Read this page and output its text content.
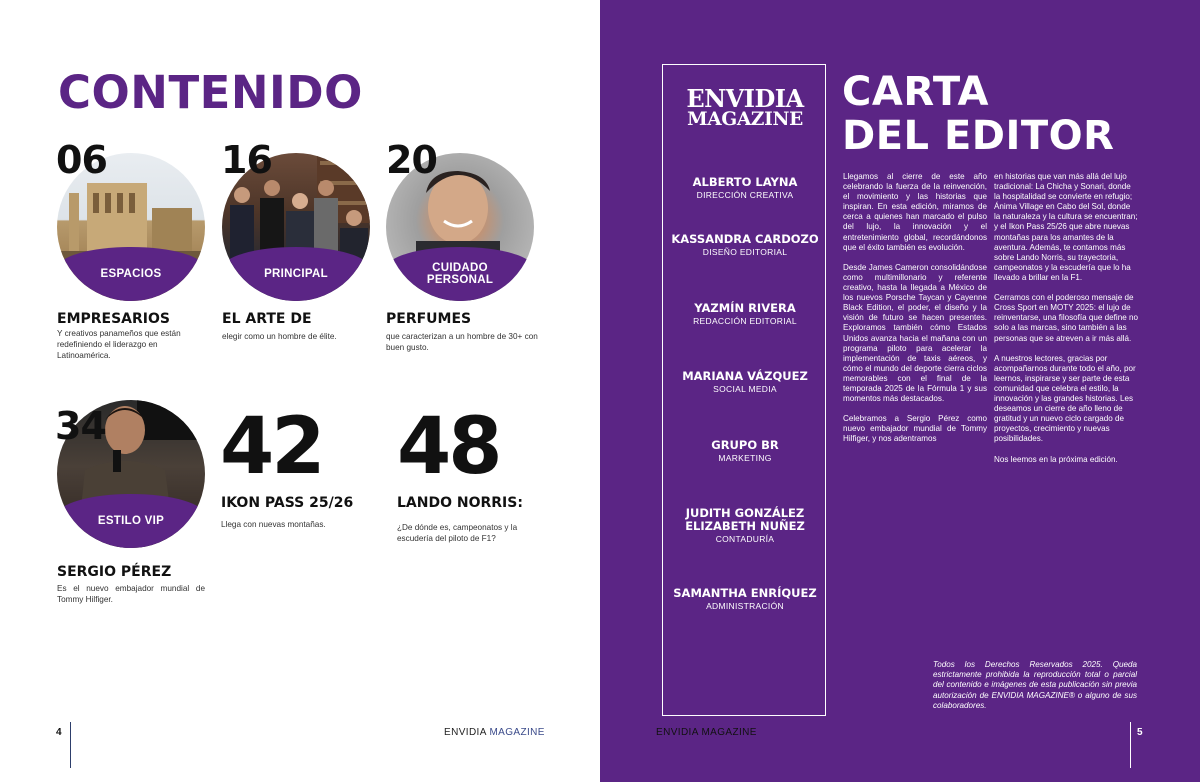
CONTENIDO
ESPACIOS
06
EMPRESARIOS
Y creativos panameños que están redefiniendo el liderazgo en Latinoamérica.
PRINCIPAL
16
EL ARTE DE
elegir como un hombre de élite.
CUIDADO
PERSONAL
20
PERFUMES
que caracterizan a un hombre de 30+ con buen gusto.
ESTILO VIP
34
SERGIO PÉREZ
Es el nuevo embajador mundial de Tommy Hilfiger.
42
IKON PASS 25/26
Llega con nuevas montañas.
48
LANDO NORRIS:
¿De dónde es, campeonatos y la escudería del piloto de F1?
4	ENVIDIA MAGAZINE
ENVIDIA
MAGAZINE
ALBERTO LAYNA
DIRECCIÓN CREATIVA
KASSANDRA CARDOZO
DISEÑO EDITORIAL
YAZMÍN RIVERA
REDACCIÓN EDITORIAL
MARIANA VÁZQUEZ
SOCIAL MEDIA
GRUPO BR
MARKETING
JUDITH GONZÁLEZ
ELIZABETH NUÑEZ
CONTADURÍA
SAMANTHA ENRÍQUEZ
ADMINISTRACIÓN
CARTA
DEL EDITOR

Llegamos al cierre de este año celebrando la fuerza de la reinvención, el movimiento y las historias que inspiran. En esta edición, miramos de cerca a quienes han marcado el pulso del lujo, la innovación y el entretenimiento global, recordándonos que el éxito también es evolución.

Desde James Cameron consolidándose como multimillonario y referente creativo, hasta la llegada a México de los nuevos Porsche Taycan y Cayenne Black Edition, el poder, el diseño y la visión de futuro se hacen presentes. Exploramos también cómo Estados Unidos avanza hacia el mañana con un programa piloto para acelerar la implementación de taxis aéreos, y cómo el mundo del deporte cierra ciclos memorables con el final de la temporada 2025 de la Fórmula 1 y sus momentos más destacados.

Celebramos a Sergio Pérez como nuevo embajador mundial de Tommy Hilfiger, y nos adentramos

en historias que van más allá del lujo tradicional: La Chicha y Sonari, donde la hospitalidad se convierte en refugio; Ánima Village en Cabo del Sol, donde la naturaleza y la cultura se encuentran; y el Ikon Pass 25/26 que abre nuevas montañas para los amantes de la aventura. Además, te contamos más sobre Lando Norris, su trayectoria, campeonatos y la escudería que lo ha llevado a brillar en la F1.

Cerramos con el poderoso mensaje de Cross Sport en MOTY 2025: el lujo de reinventarse, una filosofía que define no solo a las marcas, sino también a las personas que se atreven a ir más allá.

A nuestros lectores, gracias por acompañarnos durante todo el año, por leernos, inspirarse y ser parte de esta comunidad que celebra el estilo, la innovación y las grandes historias. Les deseamos un cierre de año lleno de gratitud y un nuevo ciclo cargado de proyectos, crecimiento y nuevas posibilidades.

Nos leemos en la próxima edición.

Todos los Derechos Reservados 2025. Queda estrictamente prohibida la reproducción total o parcial del contenido e imágenes de esta publicación sin previa autorización de ENVIDIA MAGAZINE® o alguno de sus colaboradores.
ENVIDIA MAGAZINE	5
